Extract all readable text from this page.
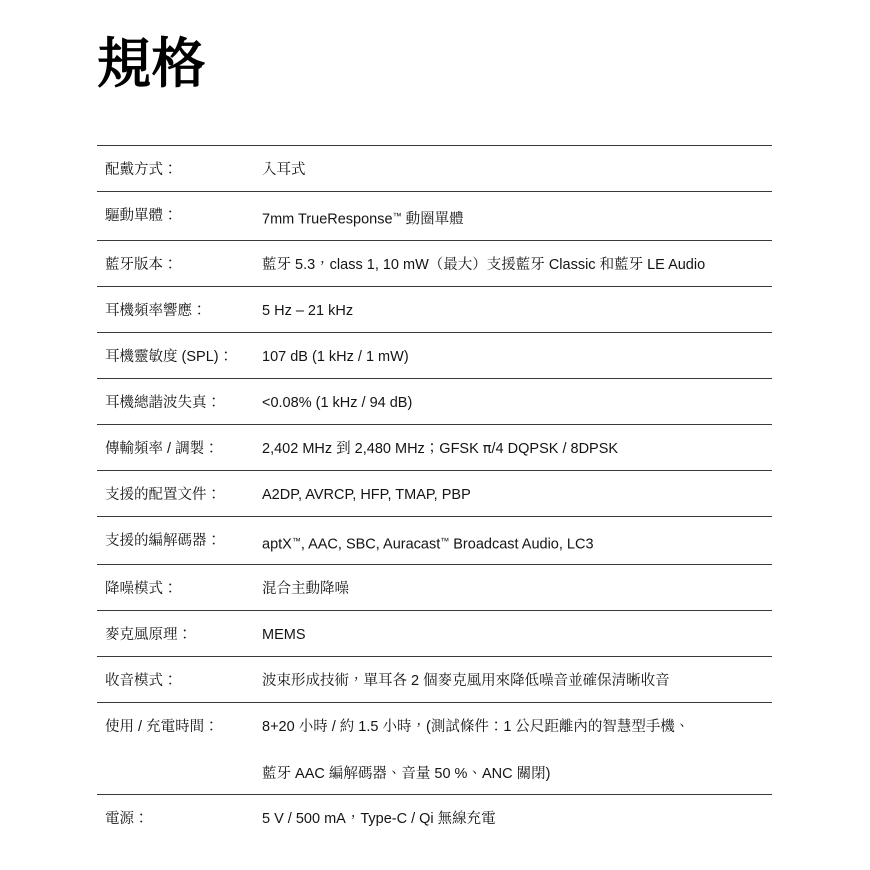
規格
配戴方式：	入耳式
驅動單體：	7mm TrueResponse™ 動圈單體
藍牙版本：	藍牙 5.3，class 1, 10 mW（最大）支援藍牙 Classic 和藍牙 LE Audio
耳機頻率響應：	5 Hz – 21 kHz
耳機靈敏度 (SPL)：	107 dB (1 kHz / 1 mW)
耳機總諧波失真：	<0.08% (1 kHz / 94 dB)
傳輸頻率 / 調製：	2,402 MHz 到 2,480 MHz；GFSK π/4 DQPSK / 8DPSK
支援的配置文件：	A2DP, AVRCP, HFP, TMAP, PBP
支援的編解碼器：	aptX™, AAC, SBC, Auracast™ Broadcast Audio, LC3
降噪模式：	混合主動降噪
麥克風原理：	MEMS
收音模式：	波束形成技術，單耳各 2 個麥克風用來降低噪音並確保清晰收音
使用 / 充電時間：	8+20 小時 / 約 1.5 小時，(測試條件：1 公尺距離內的智慧型手機、
藍牙 AAC 編解碼器、音量 50 %、ANC 關閉)
電源：	5 V / 500 mA，Type-C / Qi 無線充電
